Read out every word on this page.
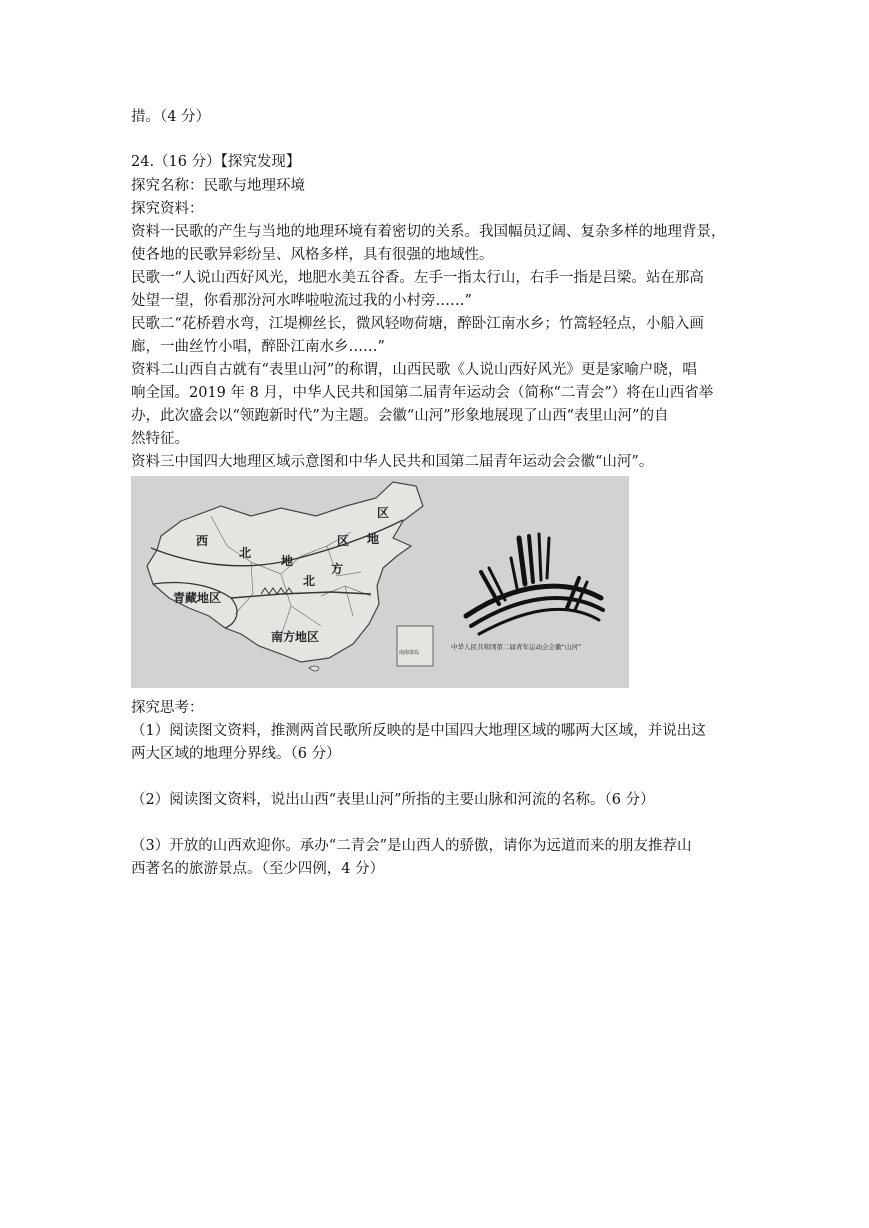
措。（4 分）
24.（16 分）【探究发现】
探究名称：民歌与地理环境
探究资料：
资料一民歌的产生与当地的地理环境有着密切的关系。我国幅员辽阔、复杂多样的地理背景，
使各地的民歌异彩纷呈、风格多样，具有很强的地域性。
民歌一“人说山西好风光，地肥水美五谷香。左手一指太行山，右手一指是吕梁。站在那高
处望一望，你看那汾河水哗啦啦流过我的小村旁……”
民歌二“花桥碧水弯，江堤柳丝长，微风轻吻荷塘，醉卧江南水乡；竹篙轻轻点，小船入画
廊，一曲丝竹小唱，醉卧江南水乡……”
资料二山西自古就有“表里山河”的称谓，山西民歌《人说山西好风光》更是家喻户晓，唱
响全国。2019 年 8 月，中华人民共和国第二届青年运动会（简称“二青会”）将在山西省举
办，此次盛会以“领跑新时代”为主题。会徽“山河”形象地展现了山西“表里山河”的自
然特征。
资料三中国四大地理区域示意图和中华人民共和国第二届青年运动会会徽“山河”。
西
北
地
区
区 地
北
方
青藏地区
南方地区
南海诸岛
中华人民共和国第二届青年运动会会徽“山河”
探究思考：
（1）阅读图文资料，推测两首民歌所反映的是中国四大地理区域的哪两大区域，并说出这
两大区域的地理分界线。（6 分）
（2）阅读图文资料，说出山西“表里山河”所指的主要山脉和河流的名称。（6 分）
（3）开放的山西欢迎你。承办“二青会”是山西人的骄傲，请你为远道而来的朋友推荐山
西著名的旅游景点。（至少四例，4 分）
